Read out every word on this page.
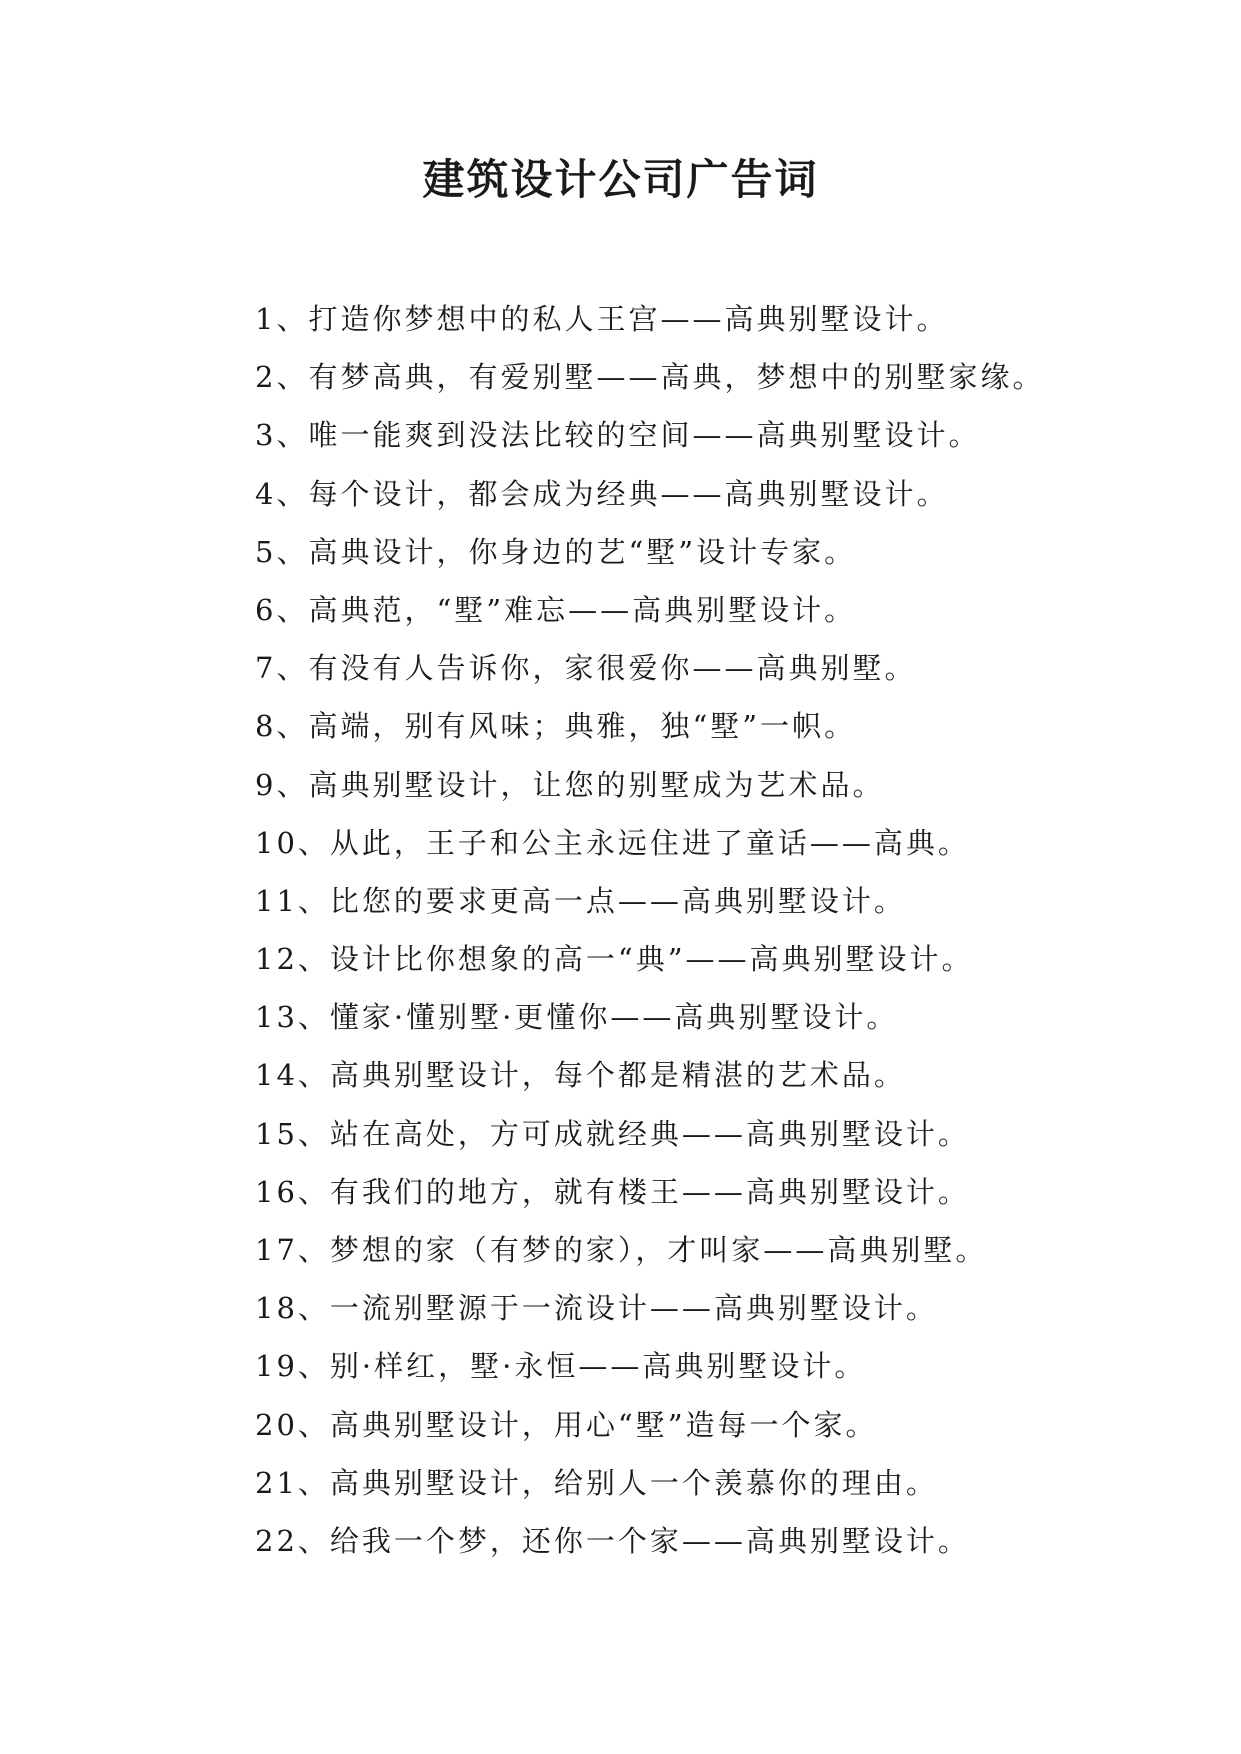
建筑设计公司广告词
1、打造你梦想中的私人王宫——高典别墅设计。
2、有梦高典，有爱别墅——高典，梦想中的别墅家缘。
3、唯一能爽到没法比较的空间——高典别墅设计。
4、每个设计，都会成为经典——高典别墅设计。
5、高典设计，你身边的艺“墅”设计专家。
6、高典范，“墅”难忘——高典别墅设计。
7、有没有人告诉你，家很爱你——高典别墅。
8、高端，别有风味；典雅，独“墅”一帜。
9、高典别墅设计，让您的别墅成为艺术品。
10、从此，王子和公主永远住进了童话——高典。
11、比您的要求更高一点——高典别墅设计。
12、设计比你想象的高一“典”——高典别墅设计。
13、懂家·懂别墅·更懂你——高典别墅设计。
14、高典别墅设计，每个都是精湛的艺术品。
15、站在高处，方可成就经典——高典别墅设计。
16、有我们的地方，就有楼王——高典别墅设计。
17、梦想的家（有梦的家），才叫家——高典别墅。
18、一流别墅源于一流设计——高典别墅设计。
19、别·样红，墅·永恒——高典别墅设计。
20、高典别墅设计，用心“墅”造每一个家。
21、高典别墅设计，给别人一个羡慕你的理由。
22、给我一个梦，还你一个家——高典别墅设计。
